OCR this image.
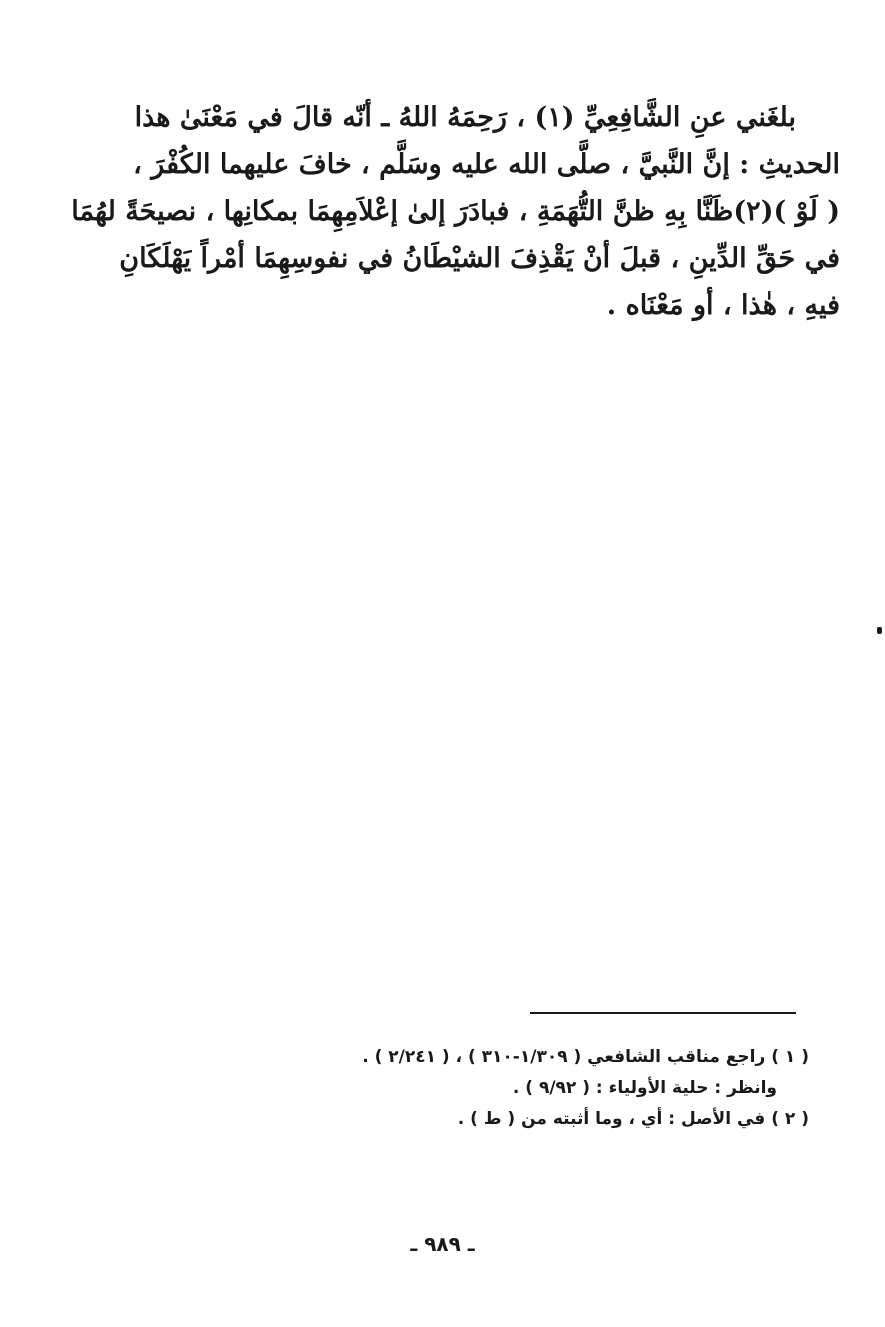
بلغَني عنِ الشَّافِعِيِّ (١) ، رَحِمَهُ اللهُ ـ أنّه قالَ في مَعْنَىٰ هذا
الحديثِ : إنَّ النَّبيَّ ، صلَّى الله عليه وسَلَّم ، خافَ عليهما الكُفْرَ ،
( لَوْ )(٢)ظَنَّا بِهِ ظنَّ التُّهَمَةِ ، فبادَرَ إلىٰ إعْلاَمِهِمَا بمكانِها ، نصيحَةً لهُمَا
في حَقِّ الدِّينِ ، قبلَ أنْ يَقْذِفَ الشيْطَانُ في نفوسِهِمَا أمْراً يَهْلَكَانِ
فيهِ ، هٰذا ، أو مَعْنَاه .
( ١ ) راجع مناقب الشافعي ( ١/٣٠٩-٣١٠ ) ، ( ٢/٢٤١ ) .
وانظر : حلية الأولياء : ( ٩/٩٢ ) .
( ٢ ) في الأصل : أي ، وما أثبته من ( ط ) .
ـ ٩٨٩ ـ
